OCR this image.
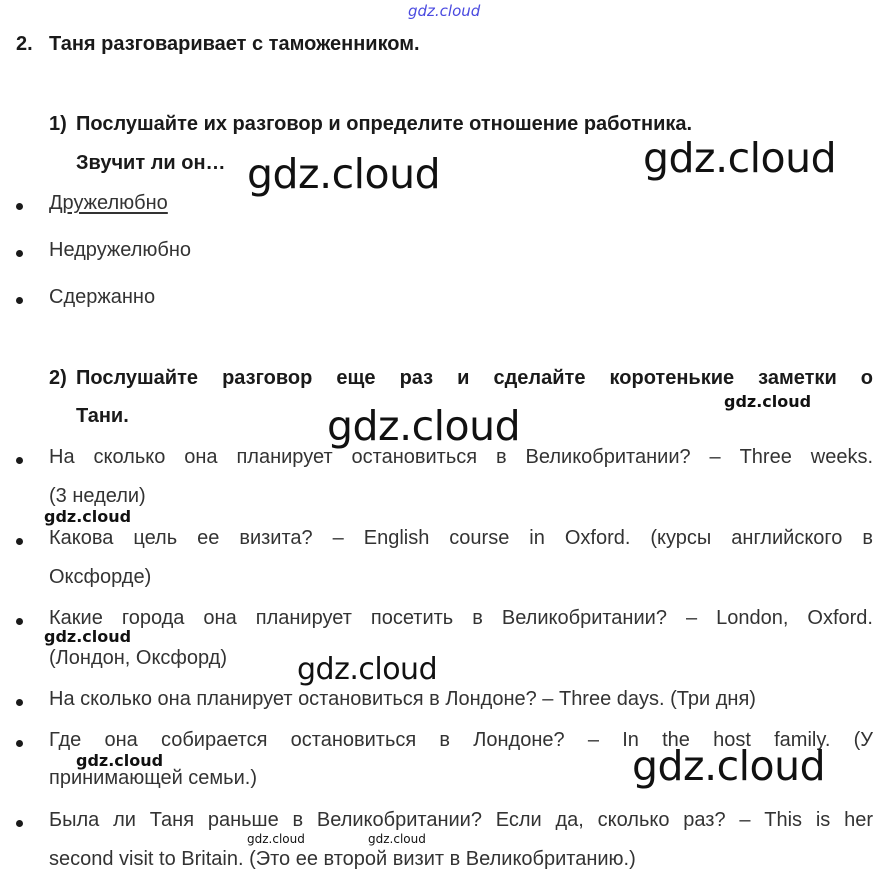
gdz.cloud
2. Таня разговаривает с таможенником.
1) Послушайте их разговор и определите отношение работника.
Звучит ли он…
Дружелюбно
Недружелюбно
Сдержанно
2) Послушайте разговор еще раз и сделайте коротенькие заметки о
Тани.
На сколько она планирует остановиться в Великобритании? – Three weeks.
(3 недели)
Какова цель ее визита? – English course in Oxford. (курсы английского в
Оксфорде)
Какие города она планирует посетить в Великобритании? – London, Oxford.
(Лондон, Оксфорд)
На сколько она планирует остановиться в Лондоне? – Three days. (Три дня)
Где она собирается остановиться в Лондоне? – In the host family. (У
принимающей семьи.)
Была ли Таня раньше в Великобритании? Если да, сколько раз? – This is her
second visit to Britain. (Это ее второй визит в Великобританию.)
gdz.cloud	gdz.cloud
gdz.cloud
gdz.cloud
gdz.cloud
gdz.cloud
gdz.cloud
gdz.cloud	gdz.cloud
gdz.cloud	gdz.cloud
